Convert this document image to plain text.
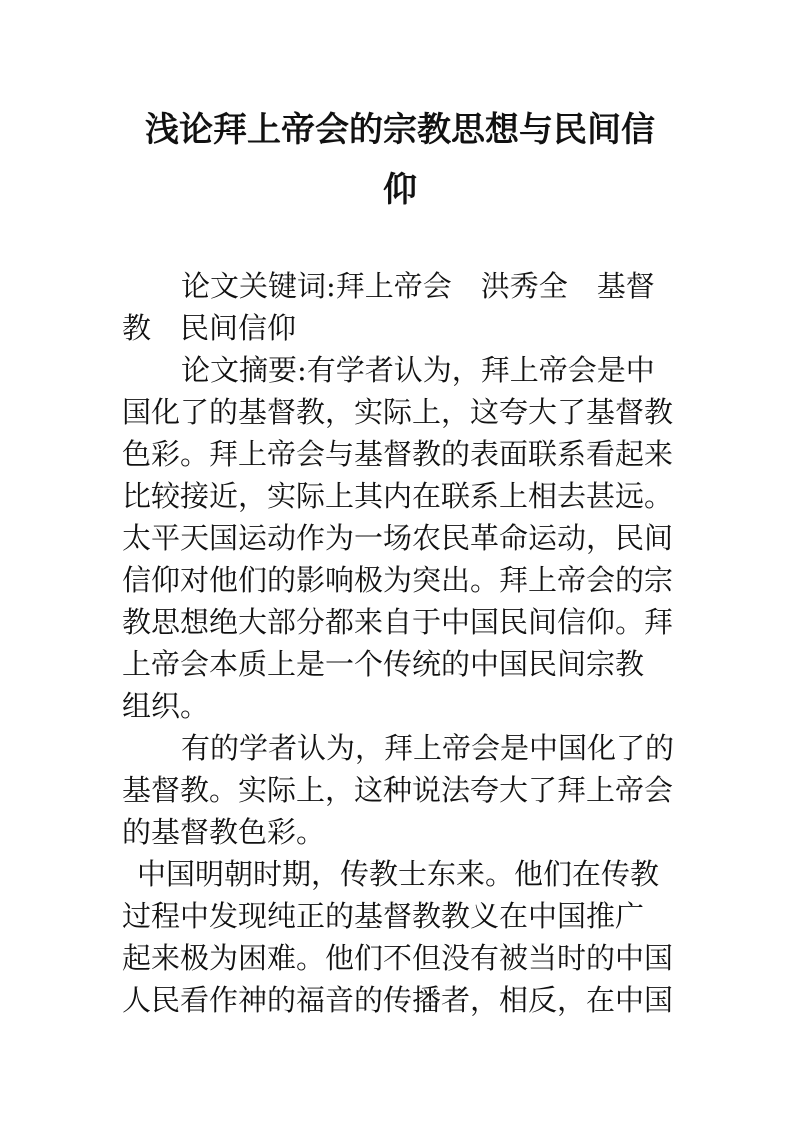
浅论拜上帝会的宗教思想与民间信
仰

论文关键词:拜上帝会　洪秀全　基督

教　民间信仰

论文摘要:有学者认为，拜上帝会是中

国化了的基督教，实际上，这夸大了基督教

色彩。拜上帝会与基督教的表面联系看起来

比较接近，实际上其内在联系上相去甚远。

太平天国运动作为一场农民革命运动，民间

信仰对他们的影响极为突出。拜上帝会的宗

教思想绝大部分都来自于中国民间信仰。拜

上帝会本质上是一个传统的中国民间宗教

组织。

有的学者认为，拜上帝会是中国化了的

基督教。实际上，这种说法夸大了拜上帝会

的基督教色彩。

中国明朝时期，传教士东来。他们在传教

过程中发现纯正的基督教教义在中国推广

起来极为困难。他们不但没有被当时的中国

人民看作神的福音的传播者，相反，在中国
